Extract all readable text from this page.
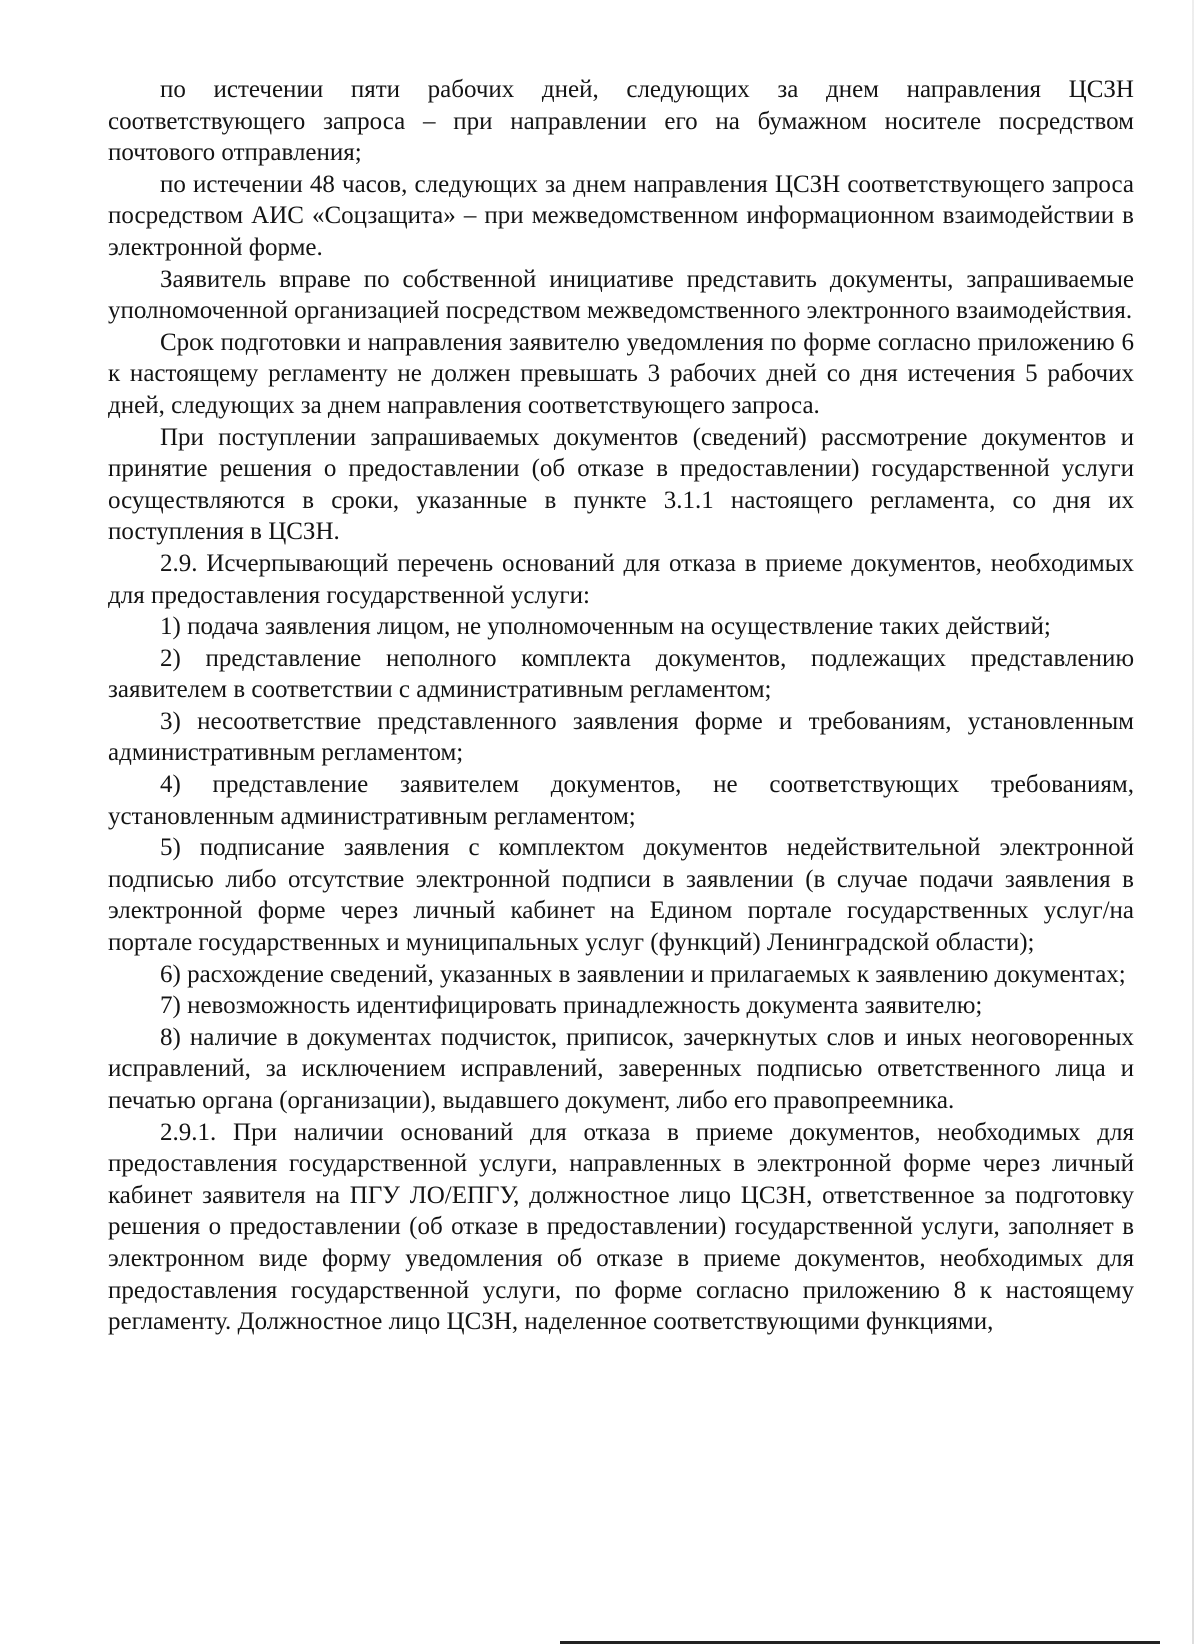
по истечении пяти рабочих дней, следующих за днем направления ЦСЗН соответствующего запроса – при направлении его на бумажном носителе посредством почтового отправления;

по истечении 48 часов, следующих за днем направления ЦСЗН соответствующего запроса посредством АИС «Соцзащита» – при межведомственном информационном взаимодействии в электронной форме.

Заявитель вправе по собственной инициативе представить документы, запрашиваемые уполномоченной организацией посредством межведомственного электронного взаимодействия.

Срок подготовки и направления заявителю уведомления по форме согласно приложению 6 к настоящему регламенту не должен превышать 3 рабочих дней со дня истечения 5 рабочих дней, следующих за днем направления соответствующего запроса.

При поступлении запрашиваемых документов (сведений) рассмотрение документов и принятие решения о предоставлении (об отказе в предоставлении) государственной услуги осуществляются в сроки, указанные в пункте 3.1.1 настоящего регламента, со дня их поступления в ЦСЗН.

2.9. Исчерпывающий перечень оснований для отказа в приеме документов, необходимых для предоставления государственной услуги:

1) подача заявления лицом, не уполномоченным на осуществление таких действий;

2) представление неполного комплекта документов, подлежащих представлению заявителем в соответствии с административным регламентом;

3) несоответствие представленного заявления форме и требованиям, установленным административным регламентом;

4) представление заявителем документов, не соответствующих требованиям, установленным административным регламентом;

5) подписание заявления с комплектом документов недействительной электронной подписью либо отсутствие электронной подписи в заявлении (в случае подачи заявления в электронной форме через личный кабинет на Едином портале государственных услуг/на портале государственных и муниципальных услуг (функций) Ленинградской области);

6) расхождение сведений, указанных в заявлении и прилагаемых к заявлению документах;

7) невозможность идентифицировать принадлежность документа заявителю;

8) наличие в документах подчисток, приписок, зачеркнутых слов и иных неоговоренных исправлений, за исключением исправлений, заверенных подписью ответственного лица и печатью органа (организации), выдавшего документ, либо его правопреемника.

2.9.1. При наличии оснований для отказа в приеме документов, необходимых для предоставления государственной услуги, направленных в электронной форме через личный кабинет заявителя на ПГУ ЛО/ЕПГУ, должностное лицо ЦСЗН, ответственное за подготовку решения о предоставлении (об отказе в предоставлении) государственной услуги, заполняет в электронном виде форму уведомления об отказе в приеме документов, необходимых для предоставления государственной услуги, по форме согласно приложению 8 к настоящему регламенту. Должностное лицо ЦСЗН, наделенное соответствующими функциями,
